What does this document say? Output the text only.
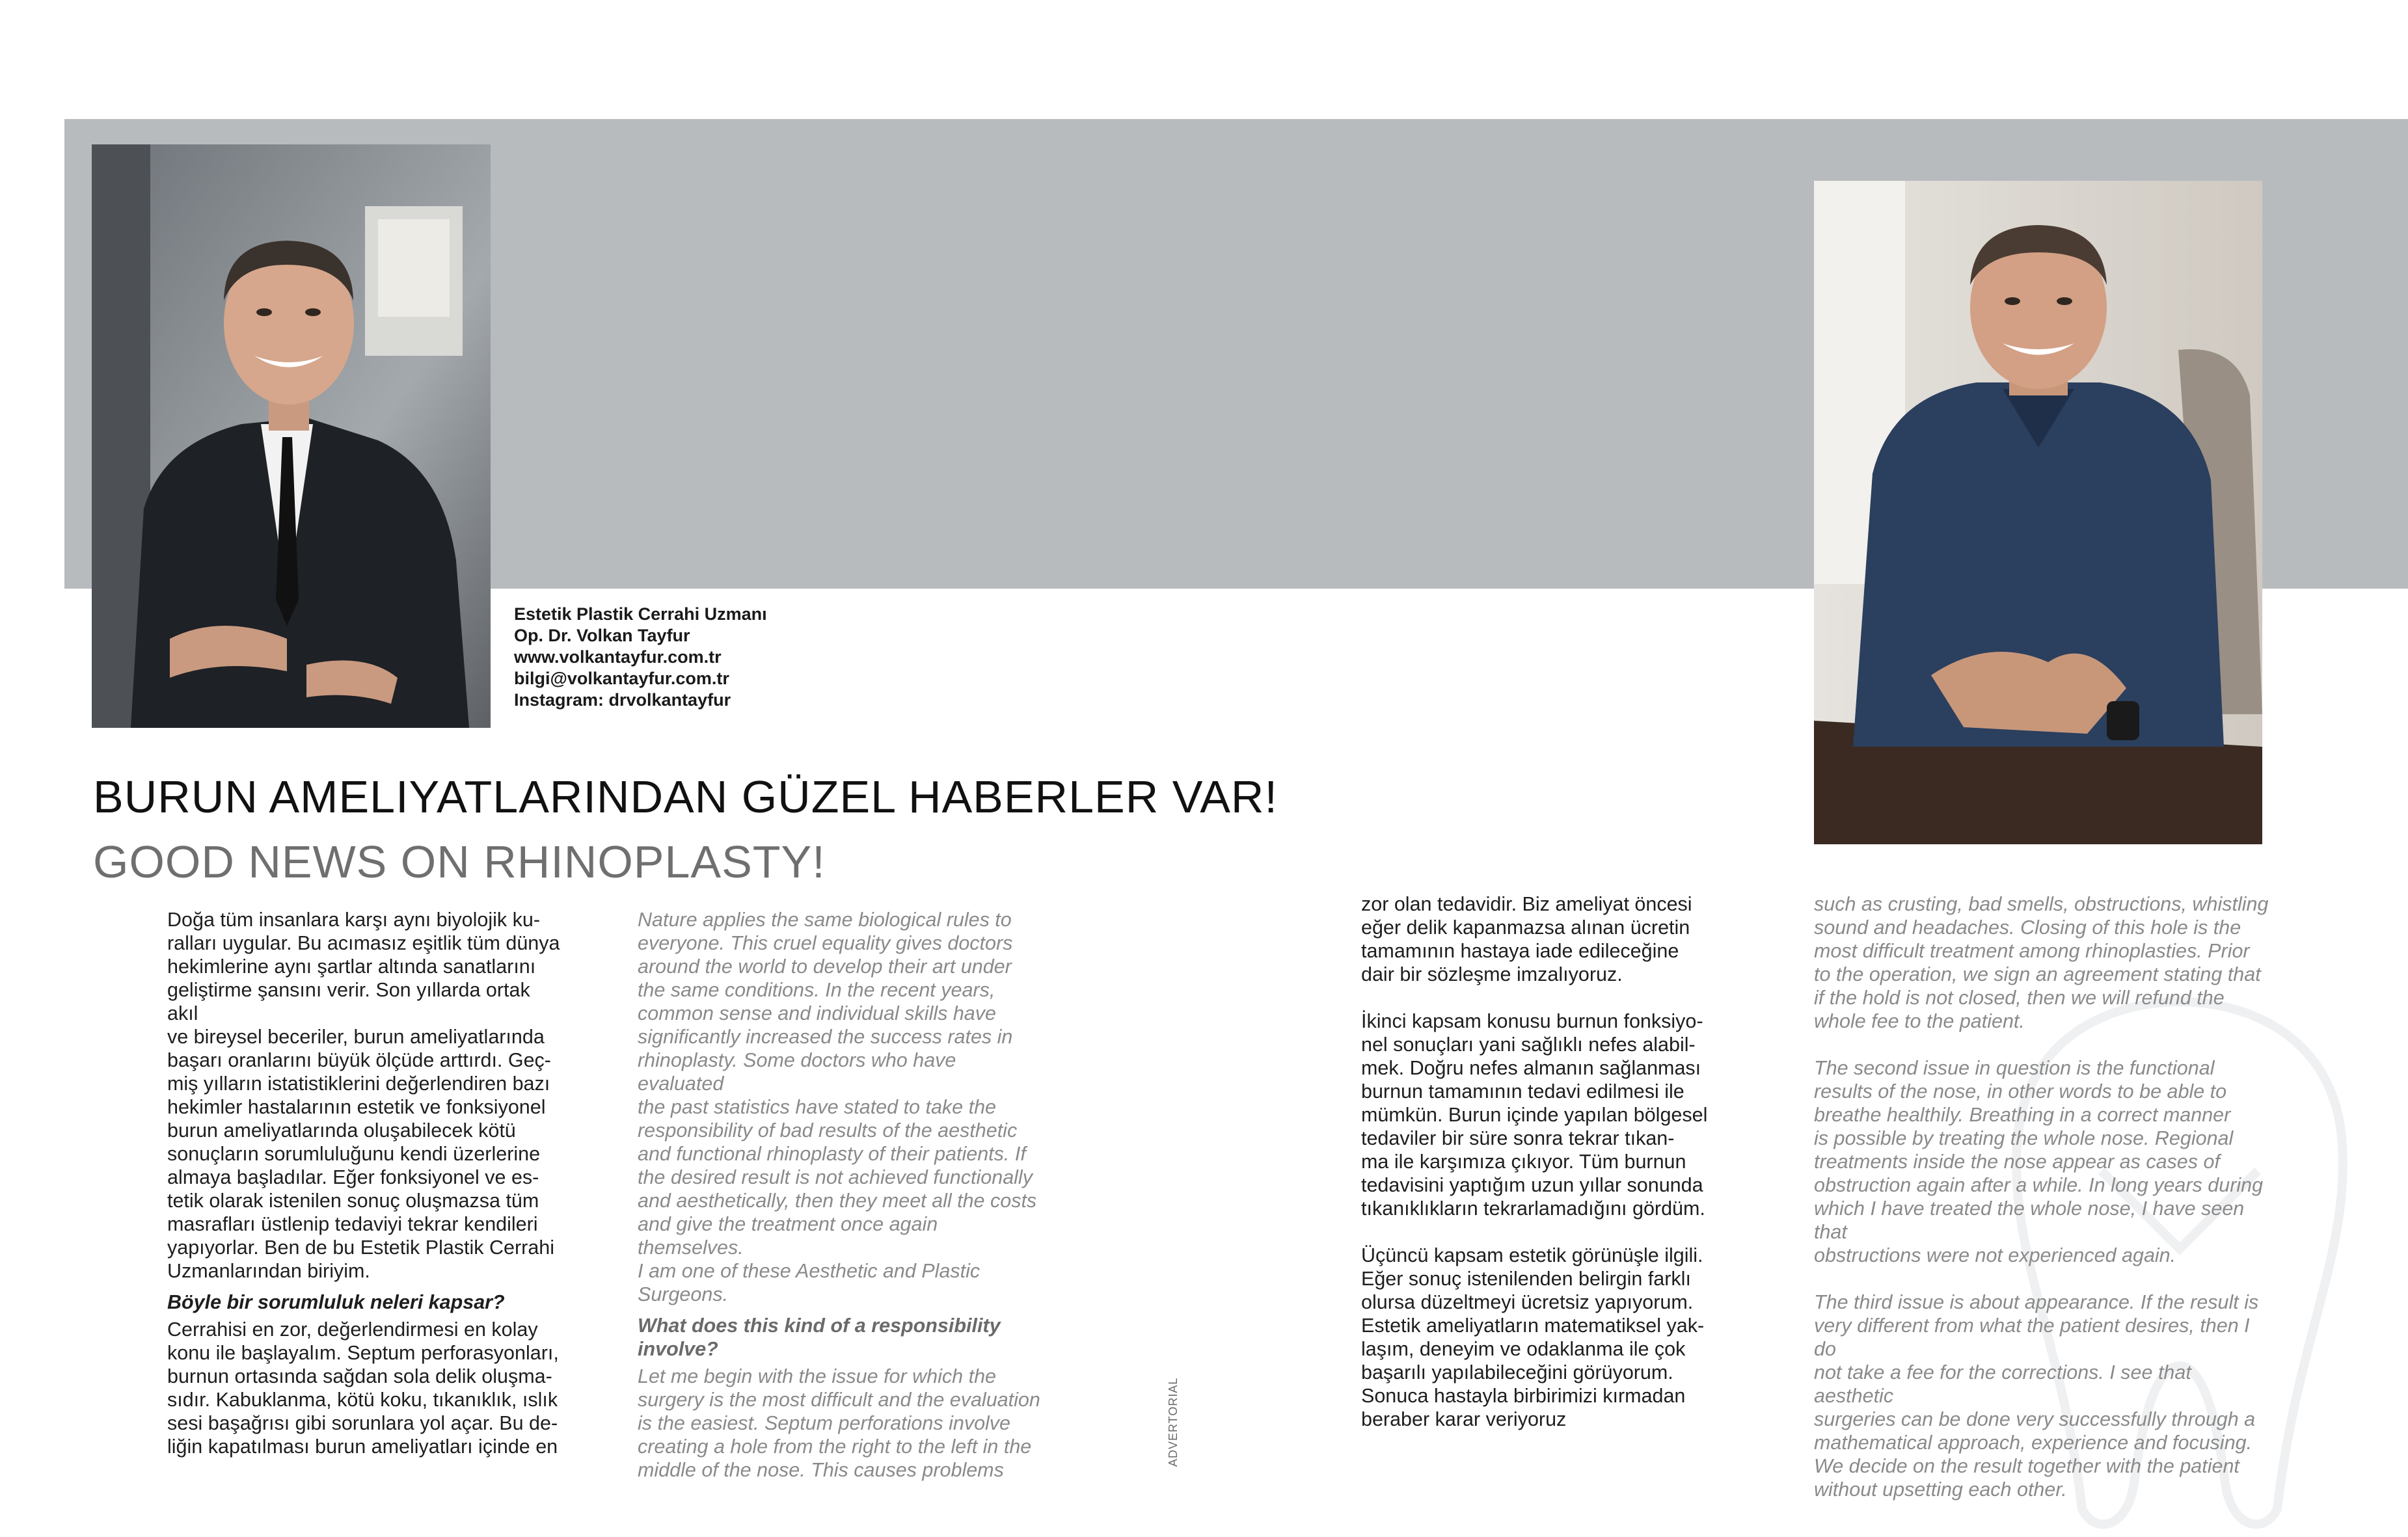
Estetik Plastik Cerrahi Uzmanı
Op. Dr. Volkan Tayfur
www.volkantayfur.com.tr
bilgi@volkantayfur.com.tr
Instagram: drvolkantayfur
BURUN AMELIYATLARINDAN GÜZEL HABERLER VAR!
GOOD NEWS ON RHINOPLASTY!

Doğa tüm insanlara karşı aynı biyolojik ku-
ralları uygular. Bu acımasız eşitlik tüm dünya
hekimlerine aynı şartlar altında sanatlarını
geliştirme şansını verir. Son yıllarda ortak akıl
ve bireysel beceriler, burun ameliyatlarında
başarı oranlarını büyük ölçüde arttırdı. Geç-
miş yılların istatistiklerini değerlendiren bazı
hekimler hastalarının estetik ve fonksiyonel
burun ameliyatlarında oluşabilecek kötü
sonuçların sorumluluğunu kendi üzerlerine
almaya başladılar. Eğer fonksiyonel ve es-
tetik olarak istenilen sonuç oluşmazsa tüm
masrafları üstlenip tedaviyi tekrar kendileri
yapıyorlar. Ben de bu Estetik Plastik Cerrahi
Uzmanlarından biriyim.

Böyle bir sorumluluk neleri kapsar?

Cerrahisi en zor, değerlendirmesi en kolay
konu ile başlayalım. Septum perforasyonları,
burnun ortasında sağdan sola delik oluşma-
sıdır. Kabuklanma, kötü koku, tıkanıklık, ıslık
sesi başağrısı gibi sorunlara yol açar. Bu de-
liğin kapatılması burun ameliyatları içinde en

Nature applies the same biological rules to
everyone. This cruel equality gives doctors
around the world to develop their art under
the same conditions. In the recent years,
common sense and individual skills have
significantly increased the success rates in
rhinoplasty. Some doctors who have evaluated
the past statistics have stated to take the
responsibility of bad results of the aesthetic
and functional rhinoplasty of their patients. If
the desired result is not achieved functionally
and aesthetically, then they meet all the costs
and give the treatment once again themselves.
I am one of these Aesthetic and Plastic
Surgeons.

What does this kind of a responsibility
involve?

Let me begin with the issue for which the
surgery is the most difficult and the evaluation
is the easiest. Septum perforations involve
creating a hole from the right to the left in the
middle of the nose. This causes problems

ADVERTORIAL

zor olan tedavidir. Biz ameliyat öncesi
eğer delik kapanmazsa alınan ücretin
tamamının hastaya iade edileceğine
dair bir sözleşme imzalıyoruz.

İkinci kapsam konusu burnun fonksiyo-
nel sonuçları yani sağlıklı nefes alabil-
mek. Doğru nefes almanın sağlanması
burnun tamamının tedavi edilmesi ile
mümkün. Burun içinde yapılan bölgesel
tedaviler bir süre sonra tekrar tıkan-
ma ile karşımıza çıkıyor. Tüm burnun
tedavisini yaptığım uzun yıllar sonunda
tıkanıklıkların tekrarlamadığını gördüm.

Üçüncü kapsam estetik görünüşle ilgili.
Eğer sonuç istenilenden belirgin farklı
olursa düzeltmeyi ücretsiz yapıyorum.
Estetik ameliyatların matematiksel yak-
laşım, deneyim ve odaklanma ile çok
başarılı yapılabileceğini görüyorum.
Sonuca hastayla birbirimizi kırmadan
beraber karar veriyoruz

such as crusting, bad smells, obstructions, whistling
sound and headaches. Closing of this hole is the
most difficult treatment among rhinoplasties. Prior
to the operation, we sign an agreement stating that
if the hold is not closed, then we will refund the
whole fee to the patient.

The second issue in question is the functional
results of the nose, in other words to be able to
breathe healthily. Breathing in a correct manner
is possible by treating the whole nose. Regional
treatments inside the nose appear as cases of
obstruction again after a while. In long years during
which I have treated the whole nose, I have seen that
obstructions were not experienced again.

The third issue is about appearance. If the result is
very different from what the patient desires, then I do
not take a fee for the corrections. I see that aesthetic
surgeries can be done very successfully through a
mathematical approach, experience and focusing.
We decide on the result together with the patient
without upsetting each other.
